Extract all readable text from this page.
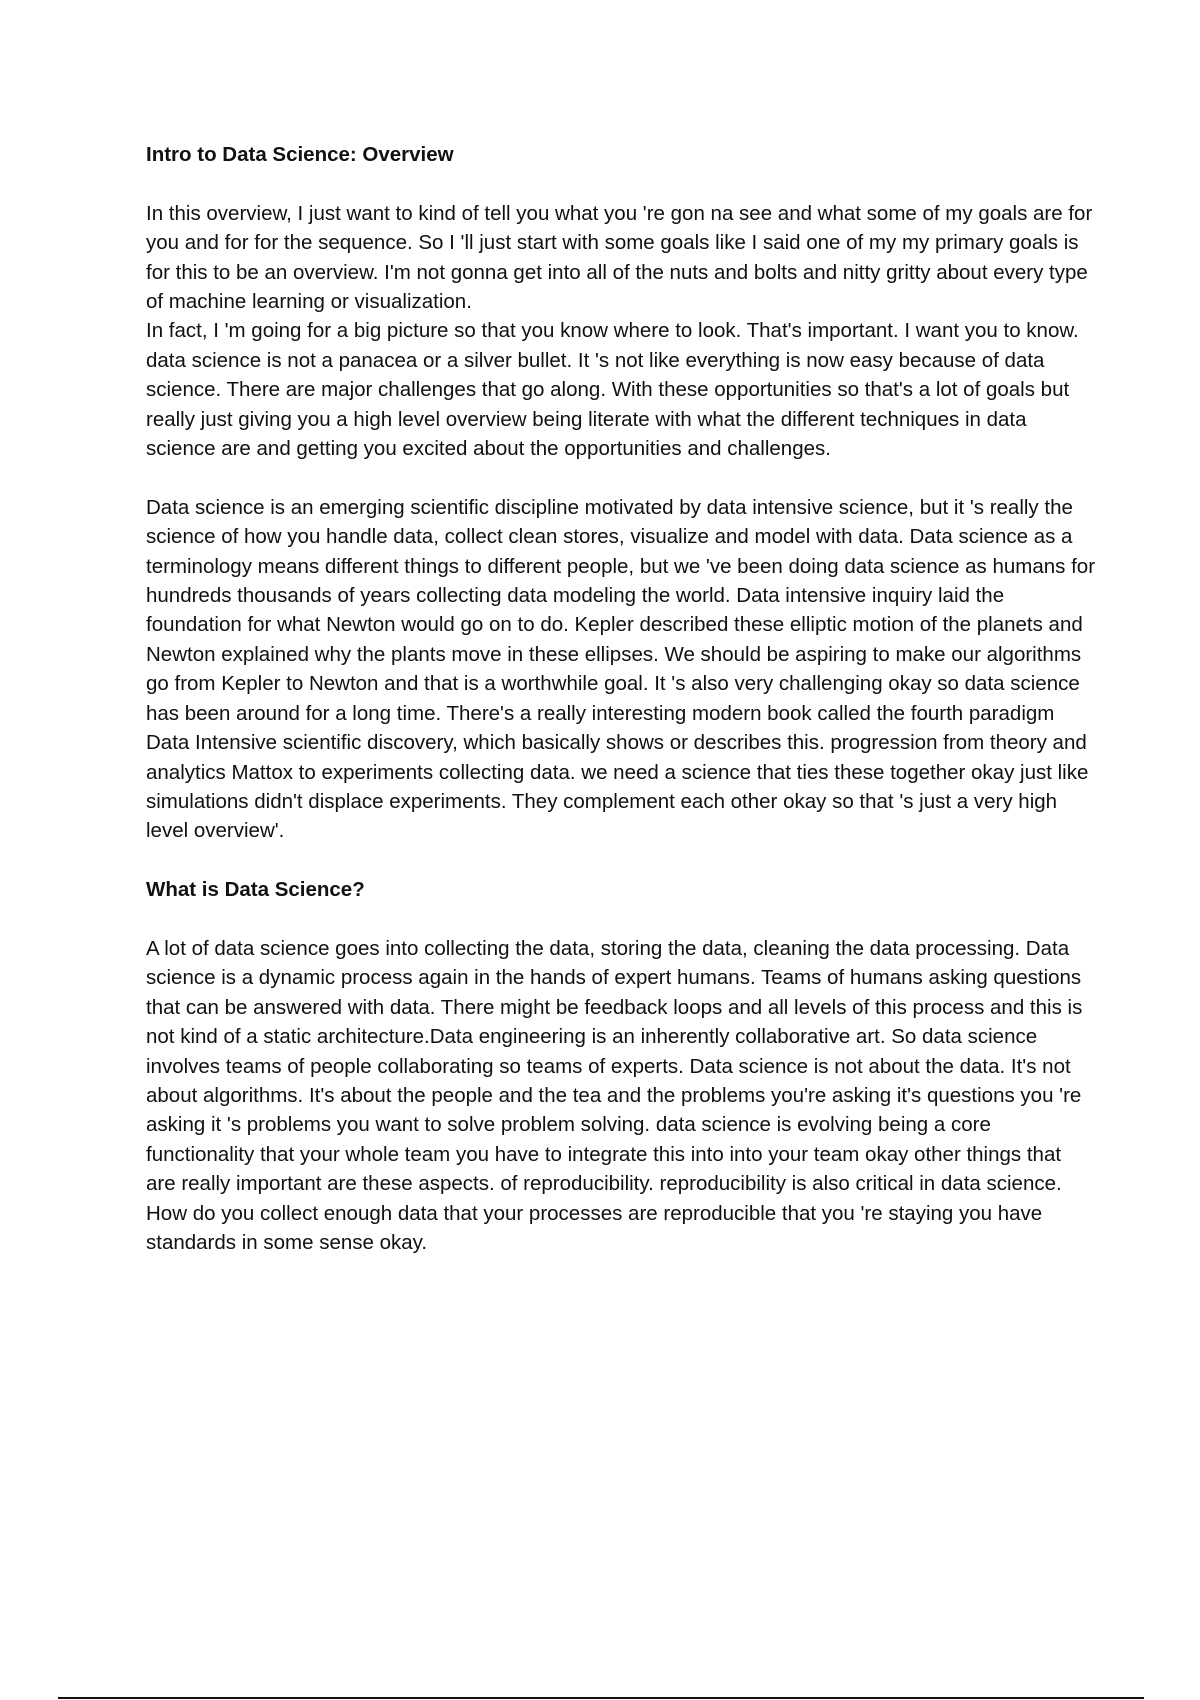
Intro to Data Science: Overview

In this overview, I just want to kind of tell you what you 're gon na see and what some of my goals are for you and for for the sequence. So I 'll just start with some goals like I said one of my my primary goals is for this to be an overview. I'm not gonna get into all of the nuts and bolts and nitty gritty about every type of machine learning or visualization.

In fact, I 'm going for a big picture so that you know where to look. That's important. I want you to know. data science is not a panacea or a silver bullet. It 's not like everything is now easy because of data science. There are major challenges that go along. With these opportunities so that's a lot of goals but really just giving you a high level overview being literate with what the different techniques in data science are and getting you excited about the opportunities and challenges.

Data science is an emerging scientific discipline motivated by data intensive science, but it 's really the science of how you handle data, collect clean stores, visualize and model with data. Data science as a terminology means different things to different people, but we 've been doing data science as humans for hundreds thousands of years collecting data modeling the world. Data intensive inquiry laid the foundation for what Newton would go on to do. Kepler described these elliptic motion of the planets and Newton explained why the plants move in these ellipses. We should be aspiring to make our algorithms go from Kepler to Newton and that is a worthwhile goal. It 's also very challenging okay so data science has been around for a long time. There's a really interesting modern book called the fourth paradigm Data Intensive scientific discovery, which basically shows or describes this. progression from theory and analytics Mattox to experiments collecting data. we need a science that ties these together okay just like simulations didn't displace experiments. They complement each other okay so that 's just a very high level overview'.

What is Data Science?

A lot of data science goes into collecting the data, storing the data, cleaning the data processing. Data science is a dynamic process again in the hands of expert humans. Teams of humans asking questions that can be answered with data. There might be feedback loops and all levels of this process and this is not kind of a static architecture.Data engineering is an inherently collaborative art. So data science involves teams of people collaborating so teams of experts. Data science is not about the data. It's not about algorithms. It's about the people and the tea and the problems you're asking it's questions you 're asking it 's problems you want to solve problem solving. data science is evolving being a core functionality that your whole team you have to integrate this into into your team okay other things that are really important are these aspects. of reproducibility. reproducibility is also critical in data science. How do you collect enough data that your processes are reproducible that you 're staying you have standards in some sense okay.
